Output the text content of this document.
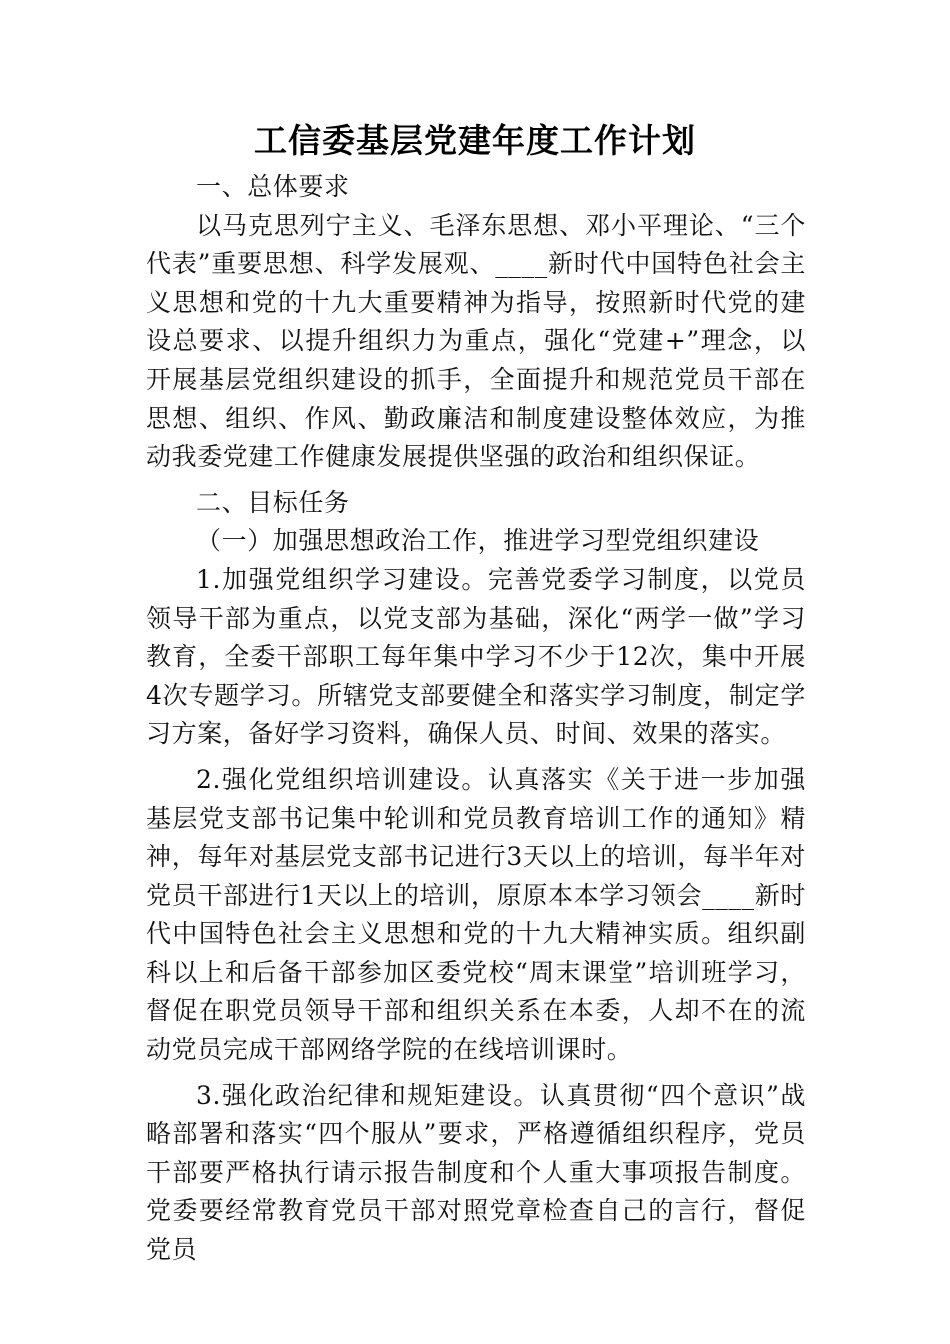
工信委基层党建年度工作计划

一、总体要求

以马克思列宁主义、毛泽东思想、邓小平理论、“三个代表”重要思想、科学发展观、____新时代中国特色社会主义思想和党的十九大重要精神为指导，按照新时代党的建设总要求、以提升组织力为重点，强化“党建+”理念，以开展基层党组织建设的抓手，全面提升和规范党员干部在思想、组织、作风、勤政廉洁和制度建设整体效应，为推动我委党建工作健康发展提供坚强的政治和组织保证。

二、目标任务

（一）加强思想政治工作，推进学习型党组织建设

1.加强党组织学习建设。完善党委学习制度，以党员领导干部为重点，以党支部为基础，深化“两学一做”学习教育，全委干部职工每年集中学习不少于12次，集中开展4次专题学习。所辖党支部要健全和落实学习制度，制定学习方案，备好学习资料，确保人员、时间、效果的落实。

2.强化党组织培训建设。认真落实《关于进一步加强基层党支部书记集中轮训和党员教育培训工作的通知》精神，每年对基层党支部书记进行3天以上的培训，每半年对党员干部进行1天以上的培训，原原本本学习领会____新时代中国特色社会主义思想和党的十九大精神实质。组织副科以上和后备干部参加区委党校“周末课堂”培训班学习，督促在职党员领导干部和组织关系在本委，人却不在的流动党员完成干部网络学院的在线培训课时。

3.强化政治纪律和规矩建设。认真贯彻“四个意识”战略部署和落实“四个服从”要求，严格遵循组织程序，党员干部要严格执行请示报告制度和个人重大事项报告制度。党委要经常教育党员干部对照党章检查自己的言行，督促党员
